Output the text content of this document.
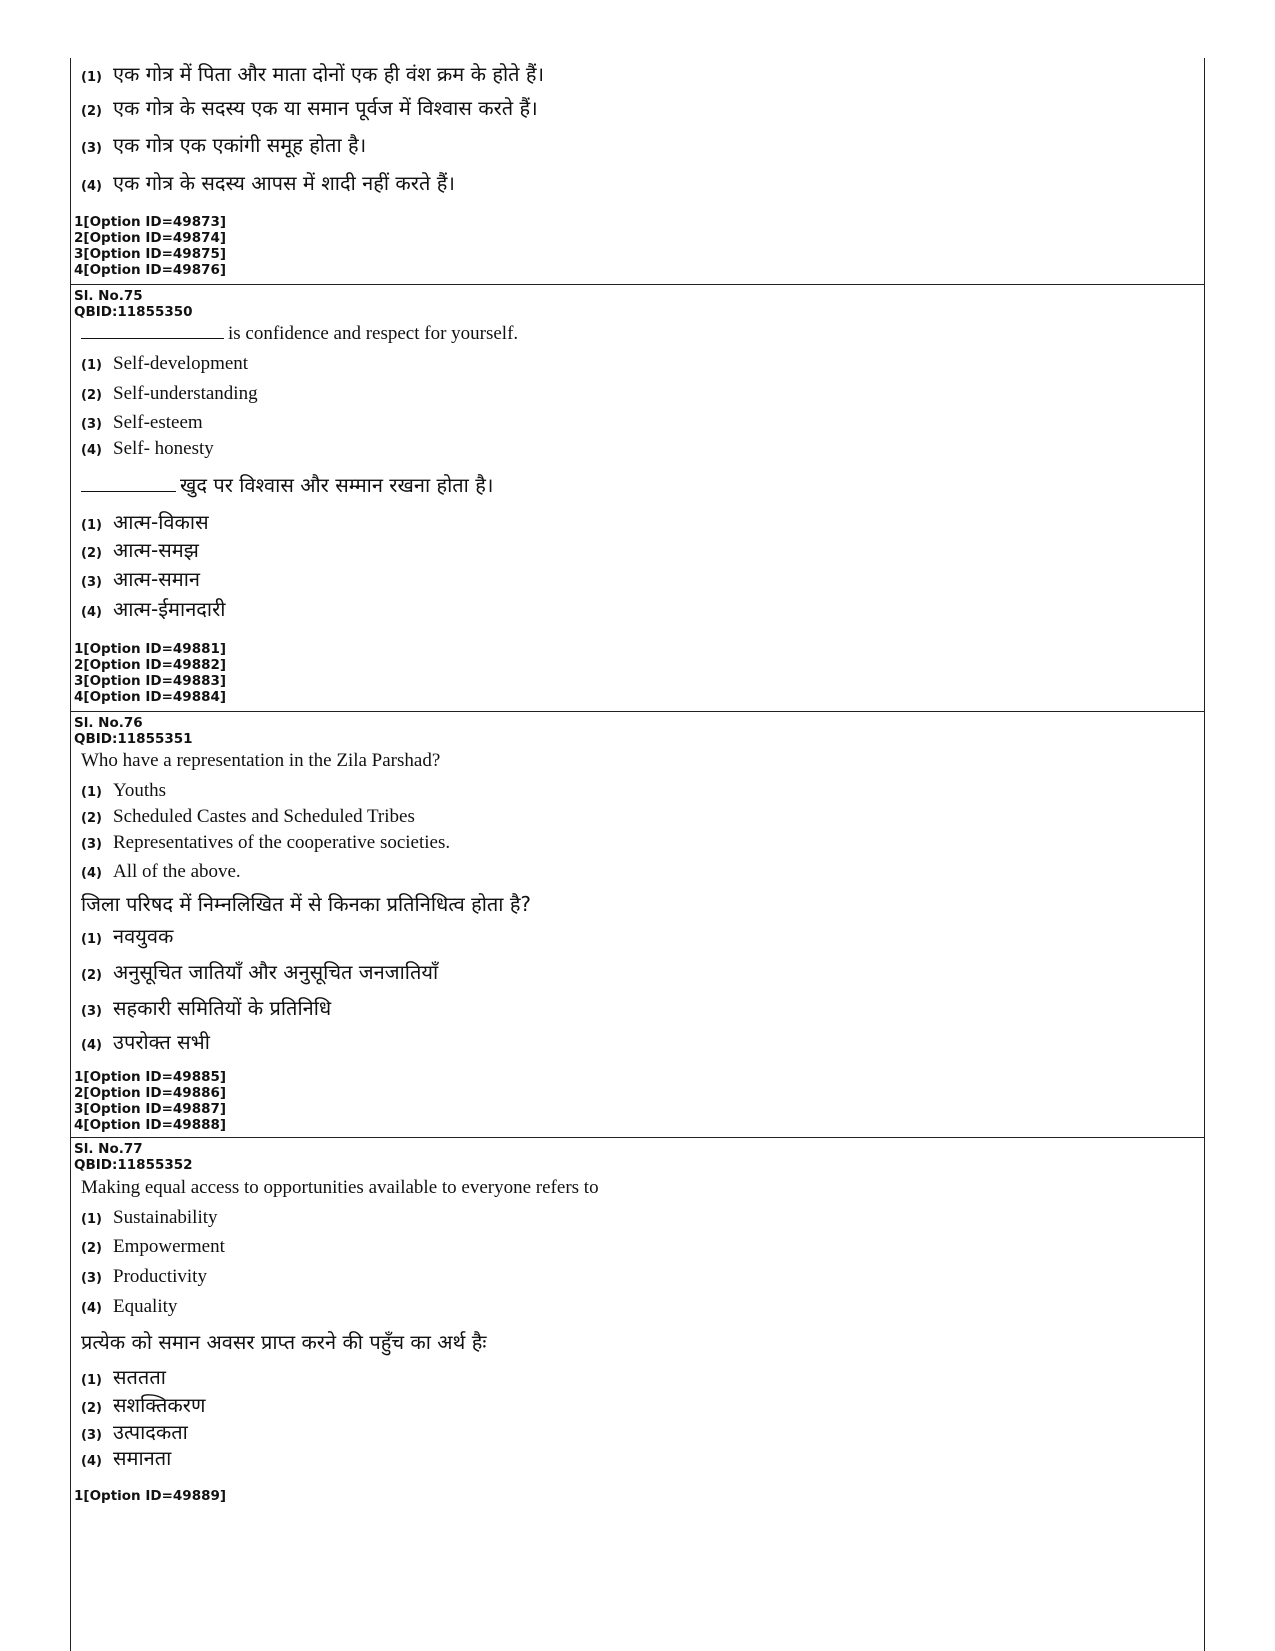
(1) एक गोत्र में पिता और माता दोनों एक ही वंश क्रम के होते हैं।
(2) एक गोत्र के सदस्य एक या समान पूर्वज में विश्वास करते हैं।
(3) एक गोत्र एक एकांगी समूह होता है।
(4) एक गोत्र के सदस्य आपस में शादी नहीं करते हैं।
1[Option ID=49873]
2[Option ID=49874]
3[Option ID=49875]
4[Option ID=49876]
Sl. No.75
QBID:11855350
is confidence and respect for yourself.
(1) Self-development
(2) Self-understanding
(3) Self-esteem
(4) Self- honesty
खुद पर विश्वास और सम्मान रखना होता है।
(1) आत्म-विकास
(2) आत्म-समझ
(3) आत्म-समान
(4) आत्म-ईमानदारी
1[Option ID=49881]
2[Option ID=49882]
3[Option ID=49883]
4[Option ID=49884]
Sl. No.76
QBID:11855351
Who have a representation in the Zila Parshad?
(1) Youths
(2) Scheduled Castes and Scheduled Tribes
(3) Representatives of the cooperative societies.
(4) All of the above.
जिला परिषद में निम्नलिखित में से किनका प्रतिनिधित्व होता है?
(1) नवयुवक
(2) अनुसूचित जातियाँ और अनुसूचित जनजातियाँ
(3) सहकारी समितियों के प्रतिनिधि
(4) उपरोक्त सभी
1[Option ID=49885]
2[Option ID=49886]
3[Option ID=49887]
4[Option ID=49888]
Sl. No.77
QBID:11855352
Making equal access to opportunities available to everyone refers to
(1) Sustainability
(2) Empowerment
(3) Productivity
(4) Equality
प्रत्येक को समान अवसर प्राप्त करने की पहुँच का अर्थ हैः
(1) सततता
(2) सशक्तिकरण
(3) उत्पादकता
(4) समानता
1[Option ID=49889]
